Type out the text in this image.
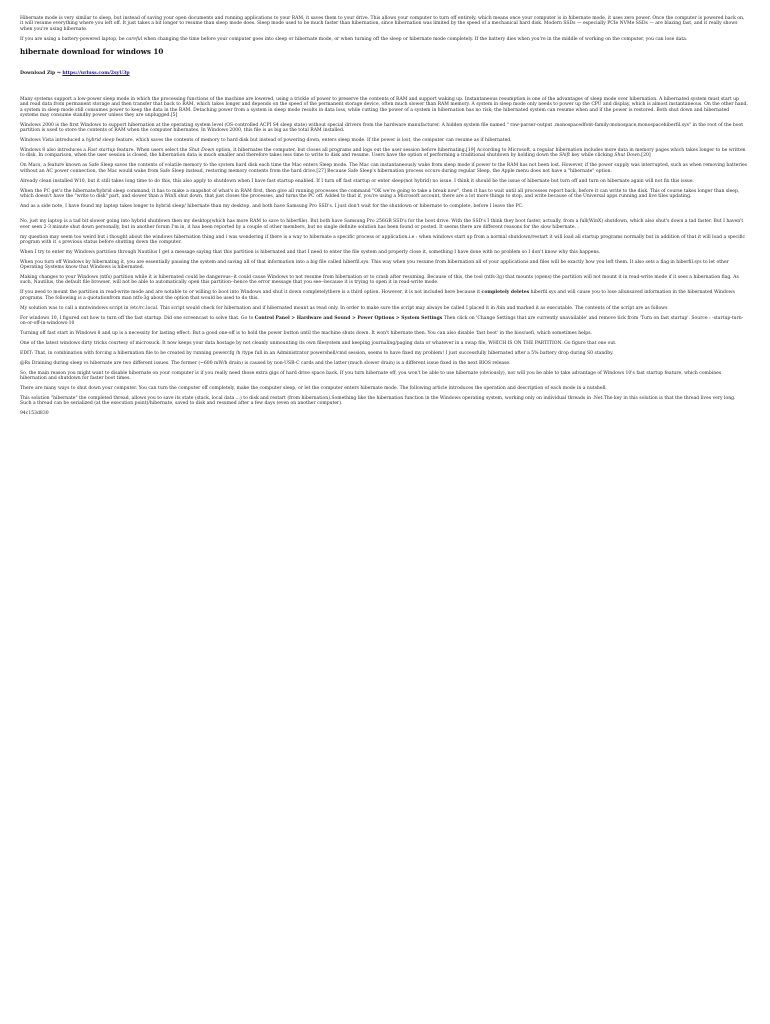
Hibernate mode is very similar to sleep, but instead of saving your open documents and running applications to your RAM, it saves them to your drive. This allows your computer to turn off entirely, which means once your computer is in hibernate mode, it uses zero power. Once the computer is powered back on, it will resume everything where you left off. It just takes a bit longer to resume than sleep mode does. Sleep mode used to be much faster than hibernation, since hibernation was limited by the speed of a mechanical hard disk. Modern SSDs — especially PCIe NVMe SSDs — are blazing fast, and it really shows when you're using hibernate.

If you are using a battery-powered laptop, be careful when changing the time before your computer goes into sleep or hibernate mode, or when turning off the sleep or hibernate mode completely. If the battery dies when you're in the middle of working on the computer, you can lose data.

hibernate download for windows 10

Download Zip ⇒ https://urluss.com/2syU3p

Many systems support a low-power sleep mode in which the processing functions of the machine are lowered, using a trickle of power to preserve the contents of RAM and support waking up. Instantaneous resumption is one of the advantages of sleep mode over hibernation. A hibernated system must start up and read data from permanent storage and then transfer that back to RAM, which takes longer and depends on the speed of the permanent storage device, often much slower than RAM memory. A system in sleep mode only needs to power up the CPU and display, which is almost instantaneous. On the other hand, a system in sleep mode still consumes power to keep the data in the RAM. Detaching power from a system in sleep mode results in data loss, while cutting the power of a system in hibernation has no risk; the hibernated system can resume when and if the power is restored. Both shut down and hibernated systems may consume standby power unless they are unplugged.[5]

Windows 2000 is the first Windows to support hibernation at the operating system level (OS-controlled ACPI S4 sleep state) without special drivers from the hardware manufacturer. A hidden system file named " raw-parser-output .monospacedfont-family:monospace,monospacehiberfil.sys" in the root of the boot partition is used to store the contents of RAM when the computer hibernates. In Windows 2000, this file is as big as the total RAM installed.

Windows Vista introduced a hybrid sleep feature, which saves the contents of memory to hard disk but instead of powering down, enters sleep mode. If the power is lost, the computer can resume as if hibernated.

Windows 8 also introduces a Fast startup feature. When users select the Shut Down option, it hibernates the computer, but closes all programs and logs out the user session before hibernating.[19] According to Microsoft, a regular hibernation includes more data in memory pages which takes longer to be written to disk. In comparison, when the user session is closed, the hibernation data is much smaller and therefore takes less time to write to disk and resume. Users have the option of performing a traditional shutdown by holding down the Shift key while clicking Shut Down.[20]

On Macs, a feature known as Safe Sleep saves the contents of volatile memory to the system hard disk each time the Mac enters Sleep mode. The Mac can instantaneously wake from sleep mode if power to the RAM has not been lost. However, if the power supply was interrupted, such as when removing batteries without an AC power connection, the Mac would wake from Safe Sleep instead, restoring memory contents from the hard drive.[27] Because Safe Sleep's hibernation process occurs during regular Sleep, the Apple menu does not have a "hibernate" option.

Already clean installed W10, but it still takes long time to do this, this also apply to shutdown when I have fast startup enabled. If I turn off fast startup or enter sleep(not hybrid) no issue. I think it should be the issue of hibernate but turn off and turn on hibernate again will not fix this issue.

When the PC get's the hibernate/hybrid sleep command, it has to make a snapshot of what's in RAM first, then give all running processes the command "OK we're going to take a break now", then it has to wait until all processes report back, before it can write to the disk. This of course takes longer than sleep, which doesn't have the "write to disk" part, and slower than a WinX shut down, that just closes the processes, and turns the PC off. Added to that if, you're using a Microsoft account, there are a lot more things to stop, and write because of the Universal apps running and live tiles updating.

And as a side note, I have found my laptop takes longer to hybrid sleep/ hibernate than my desktop, and both have Samsung Pro SSD's. I just don't wait for the shutdown or hibernate to complete, before I leave the PC.

No, just my laptop is a tad bit slower going into hybrid shutdown then my desktop(which has more RAM to save to hiberfile). But both have Samsung Pro 256GB SSD's for the boot drive. With the SSD's I think they boot faster, actually, from a full(WinX) shutdown, which also shut's down a tad faster. But I haven't ever seen 2-3 minute shut down personally, but in another forum I'm in, it has been reported by a couple of other members, but no single definite solution has been found or posted. It seems there are different reasons for the slow hibernate. .

my question may seem too weird but i thought about the windows hibernation thing and i was wondering if there is a way to hibernate a specific process or application.i.e : when windows start up from a normal shutdown/restart it will load all startup programs normally but in addition of that it will load a specific program with it`s previous status before shutting down the computer.

When I try to enter my Windows partition through Nautilus I get a message saying that this partition is hibernated and that I need to enter the file system and properly close it, something I have done with no problem so I don't know why this happens.

When you turn off Windows by hibernating it, you are essentially pausing the system and saving all of that information into a big file called hiberfil.sys. This way when you resume from hibernation all of your applications and files will be exactly how you left them. It also sets a flag in hiberfil.sys to let other Operating Systems know that Windows is hibernated.

Making changes to your Windows (ntfs) partition while it is hibernated could be dangerous--it could cause Windows to not resume from hibernation or to crash after resuming. Because of this, the tool (ntfs-3g) that mounts (opens) the partition will not mount it in read-write mode if it sees a hibernation flag. As such, Nautilus, the default file browser, will not be able to automatically open this partition--hence the error message that you see--because it is trying to open it in read-write mode.

If you need to mount the partition in read-write mode and are notable to or willing to boot into Windows and shut it down completelythere is a third option. However, it is not included here because it completely deletes hiberfil.sys and will cause you to lose allunsaved information in the hibernated Windows programs. The following is a quotationfrom man ntfs-3g about the option that would be used to do this.

My solution was to call a mntwindows script in /etc/rc.local. This script would check for hibernation and if hibernated mount as read only. In order to make sure the script may always be called I placed it in /bin and marked it as executable. The contents of the script are as follows

For windows 10, I figured out how to turn off the fast startup. Did one screencast to solve that. Go to Control Panel > Hardware and Sound > Power Options > System Settings Then click on 'Change Settings that are currently unavailable' and remove tick from 'Turn on fast startup'. Source : -startup-turn-on-or-off-in-windows-10

Turning off fast start in Windows 8 and up is a necessity for lasting effect. But a good one-off is to hold the power button until the machine shuts down. It won't hibernate then. You can also disable 'fast boot' in the bios/uefi, which sometimes helps.

One of the latest windows dirty tricks courtesy of microsuck. It now keeps your data hostage by not cleanly unmounting its own filesystem and keeping journaling/paging data or whatever in a swap file, WHICH IS ON THE PARTITION. Go figure that one out.

EDIT: That, in combination with forcing a hibernation file to be created by running powercfg /h /type full in an Administrator powershell/cmd session, seems to have fixed my problem! I just successfully hibernated after a 5% battery drop during S0 standby.

@Rs Draining during sleep vs hibernate are two different issues. The former (~600 mW/h drain) is caused by non-USB-C cards and the latter (much slower drain) is a different issue fixed in the next BIOS release.

So, the main reason you might want to disable hibernate on your computer is if you really need those extra gigs of hard drive space back. If you turn hibernate off, you won't be able to use hibernate (obviously), nor will you be able to take advantage of Windows 10's fast startup feature, which combines hibernation and shutdown for faster boot times.

There are many ways to shut down your computer. You can turn the computer off completely, make the computer sleep, or let the computer enters hibernate mode. The following article introduces the operation and description of each mode in a nutshell.

This solution "hibernate" the completed thread, allows you to save its state (stack, local data ...) to disk and restart (from hibernation).Something like the hibernation function in the Windows operating system, working only on individual threads in .Net.The key in this solution is that the thread lives very long. Such a thread can be serialized (at the execution point)/hibernate, saved to disk and resumed after a few days (even on another computer).

94c153d830
